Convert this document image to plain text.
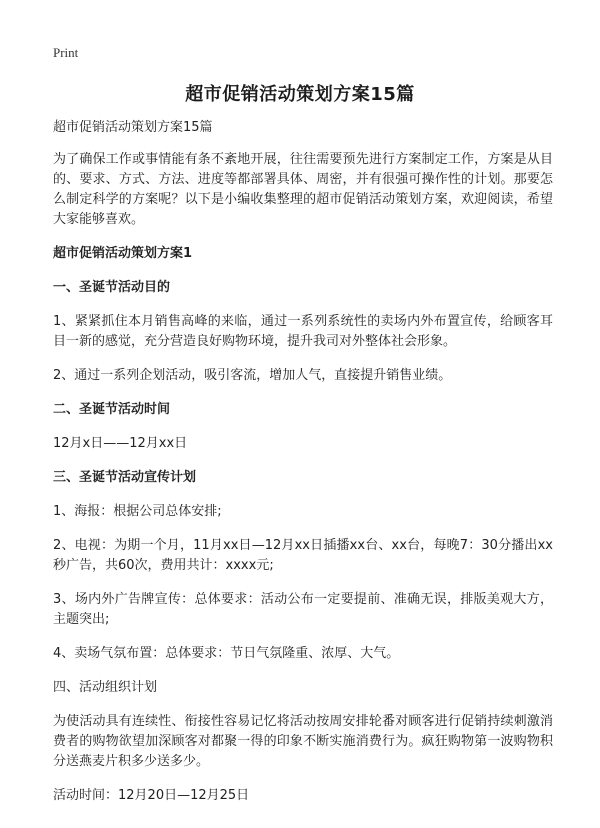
Print
超市促销活动策划方案15篇

超市促销活动策划方案15篇

为了确保工作或事情能有条不紊地开展，往往需要预先进行方案制定工作，方案是从目的、要求、方式、方法、进度等都部署具体、周密，并有很强可操作性的计划。那要怎么制定科学的方案呢？以下是小编收集整理的超市促销活动策划方案，欢迎阅读，希望大家能够喜欢。

超市促销活动策划方案1

一、圣诞节活动目的

1、紧紧抓住本月销售高峰的来临，通过一系列系统性的卖场内外布置宣传，给顾客耳目一新的感觉，充分营造良好购物环境，提升我司对外整体社会形象。

2、通过一系列企划活动，吸引客流，增加人气，直接提升销售业绩。

二、圣诞节活动时间

12月x日——12月xx日

三、圣诞节活动宣传计划

1、海报：根据公司总体安排;

2、电视：为期一个月，11月xx日—12月xx日插播xx台、xx台，每晚7：30分播出xx秒广告，共60次，费用共计：xxxx元;

3、场内外广告牌宣传：总体要求：活动公布一定要提前、准确无误，排版美观大方，主题突出;

4、卖场气氛布置：总体要求：节日气氛隆重、浓厚、大气。

四、活动组织计划

为使活动具有连续性、衔接性容易记忆将活动按周安排轮番对顾客进行促销持续刺激消费者的购物欲望加深顾客对都聚一得的印象不断实施消费行为。疯狂购物第一波购物积分送燕麦片积多少送多少。

活动时间：12月20日—12月25日
